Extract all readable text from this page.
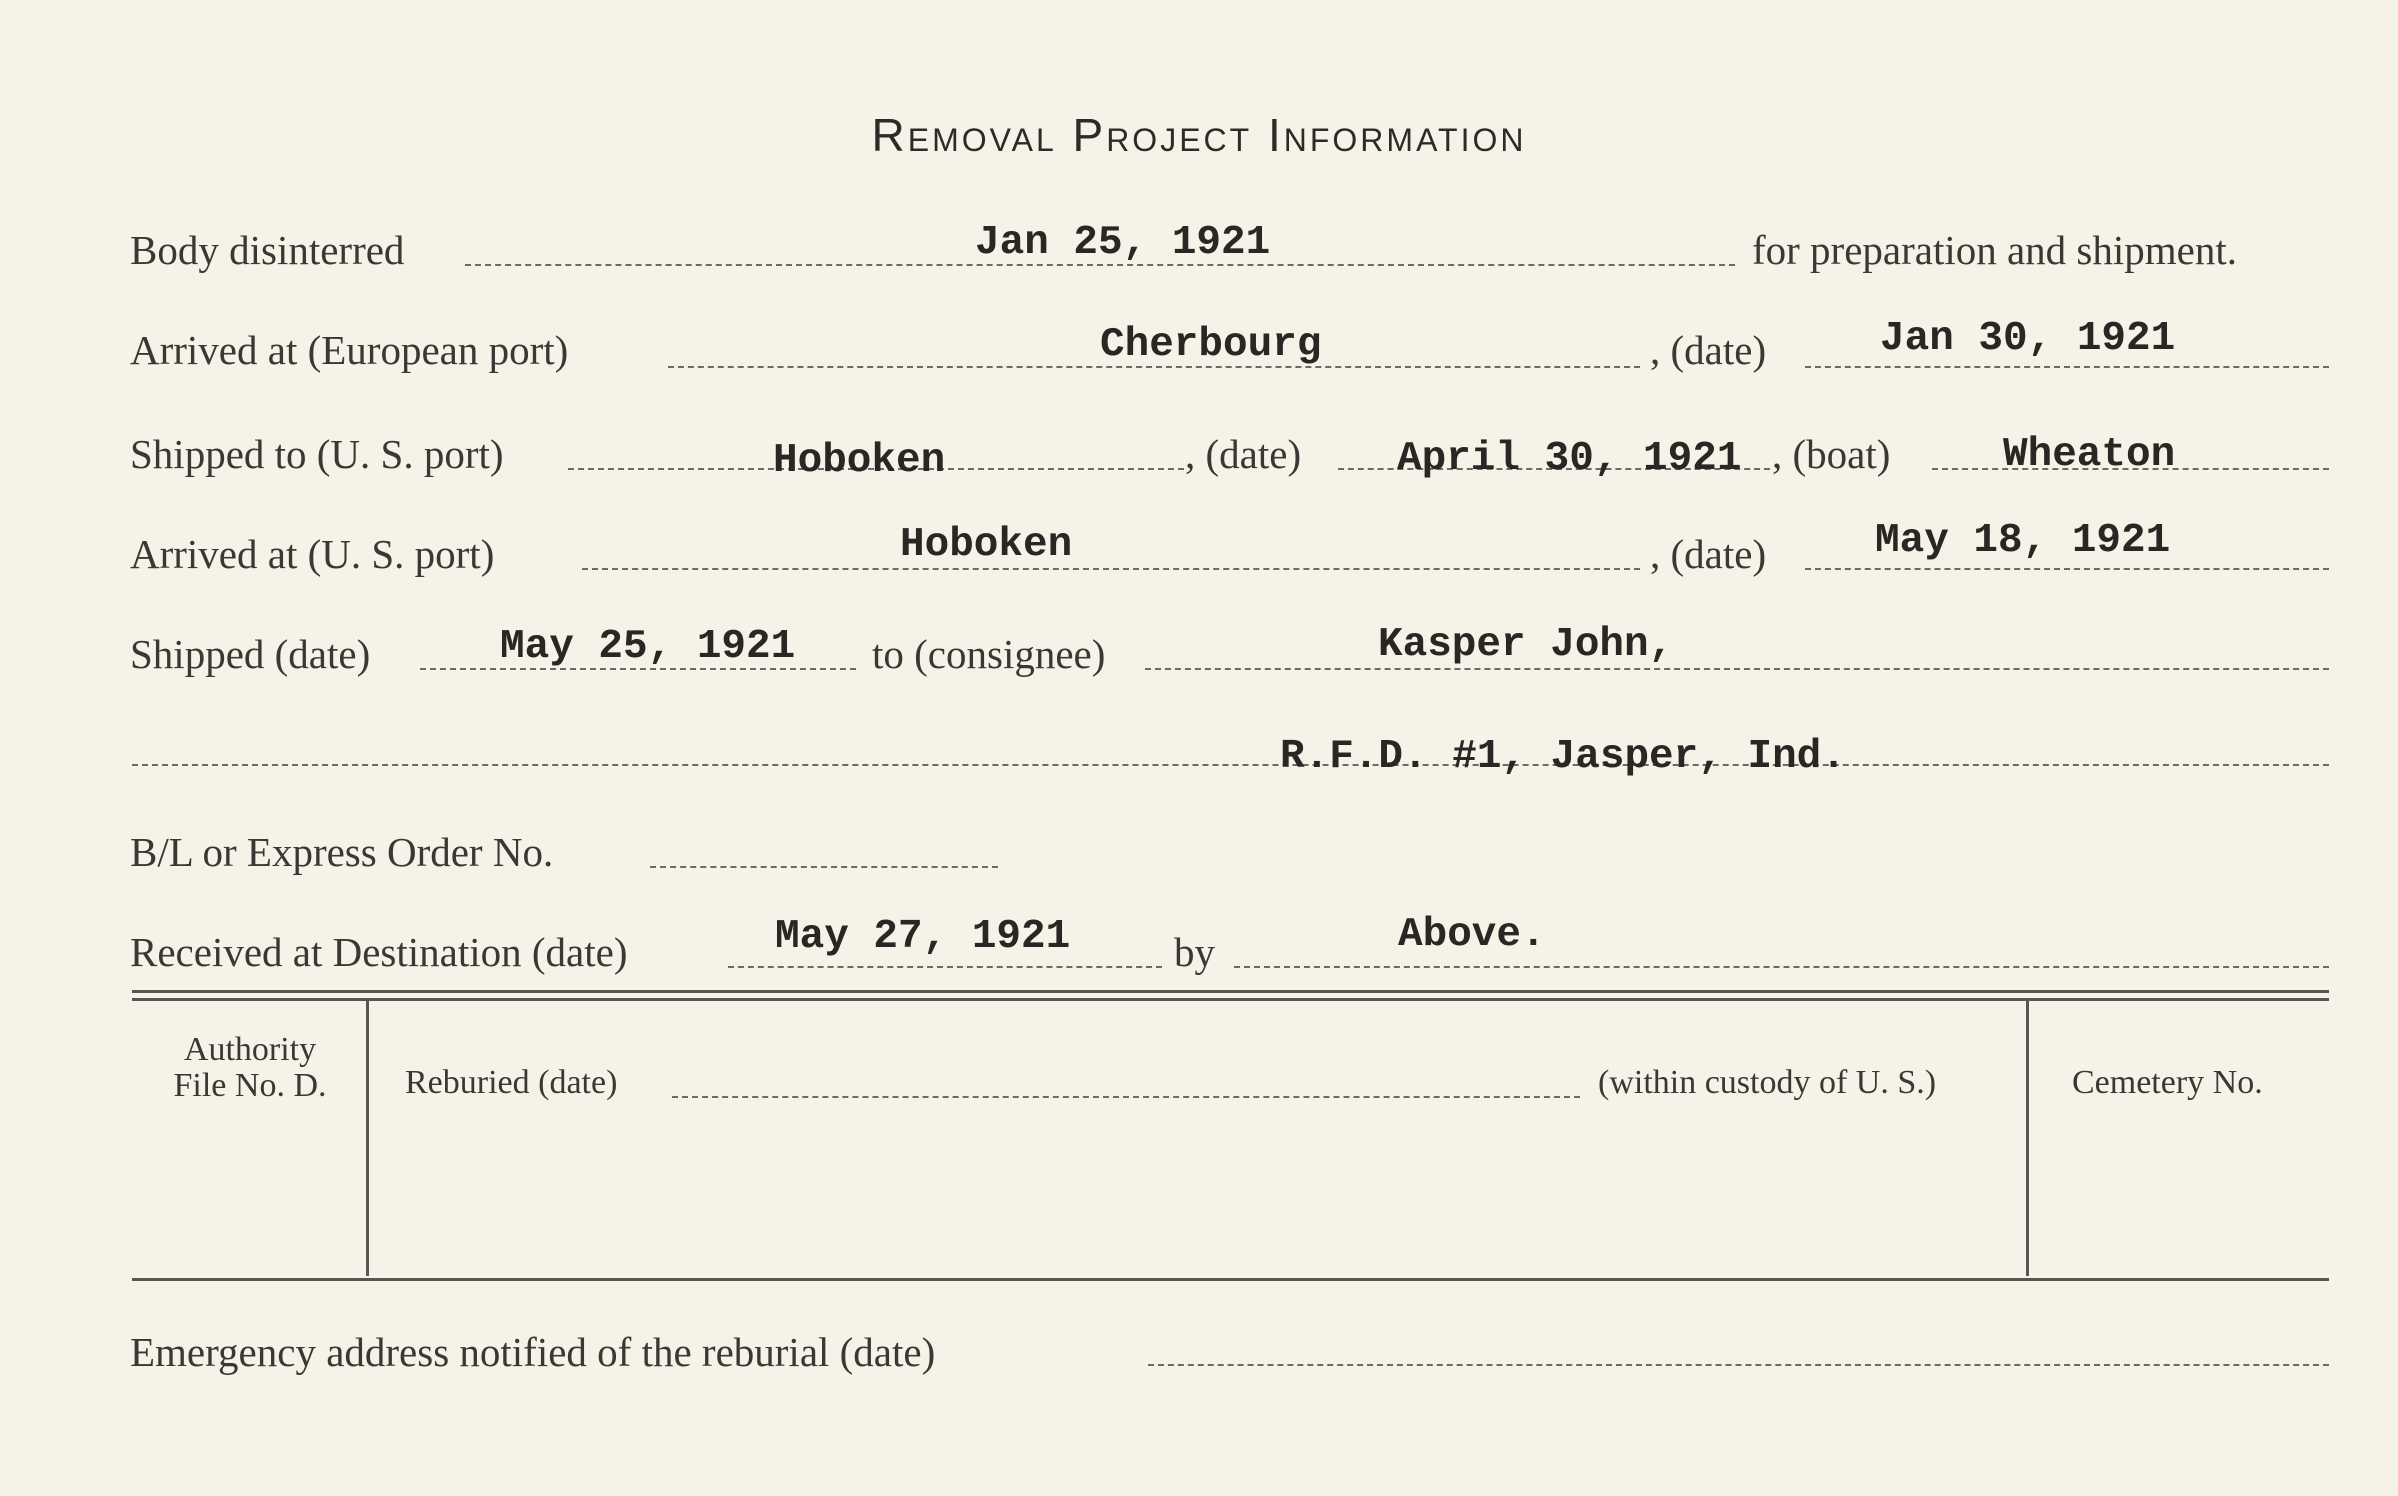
Removal Project Information
Body disinterred	Jan 25, 1921	for preparation and shipment.
Arrived at (European port)	Cherbourg	, (date)	Jan 30, 1921
Shipped to (U. S. port)	Hoboken	, (date) April 30, 1921 , (boat)	Wheaton
Arrived at (U. S. port)	Hoboken	, (date)	May 18, 1921
Shipped (date)	May 25, 1921 to (consignee)	Kasper John,
R.F.D. #1, Jasper, Ind.
B/L or Express Order No.
Received at Destination (date)	May 27, 1921	by	Above.
Authority
File No. D.	Reburied (date)	(within custody of U. S.)	Cemetery No.
Emergency address notified of the reburial (date)
